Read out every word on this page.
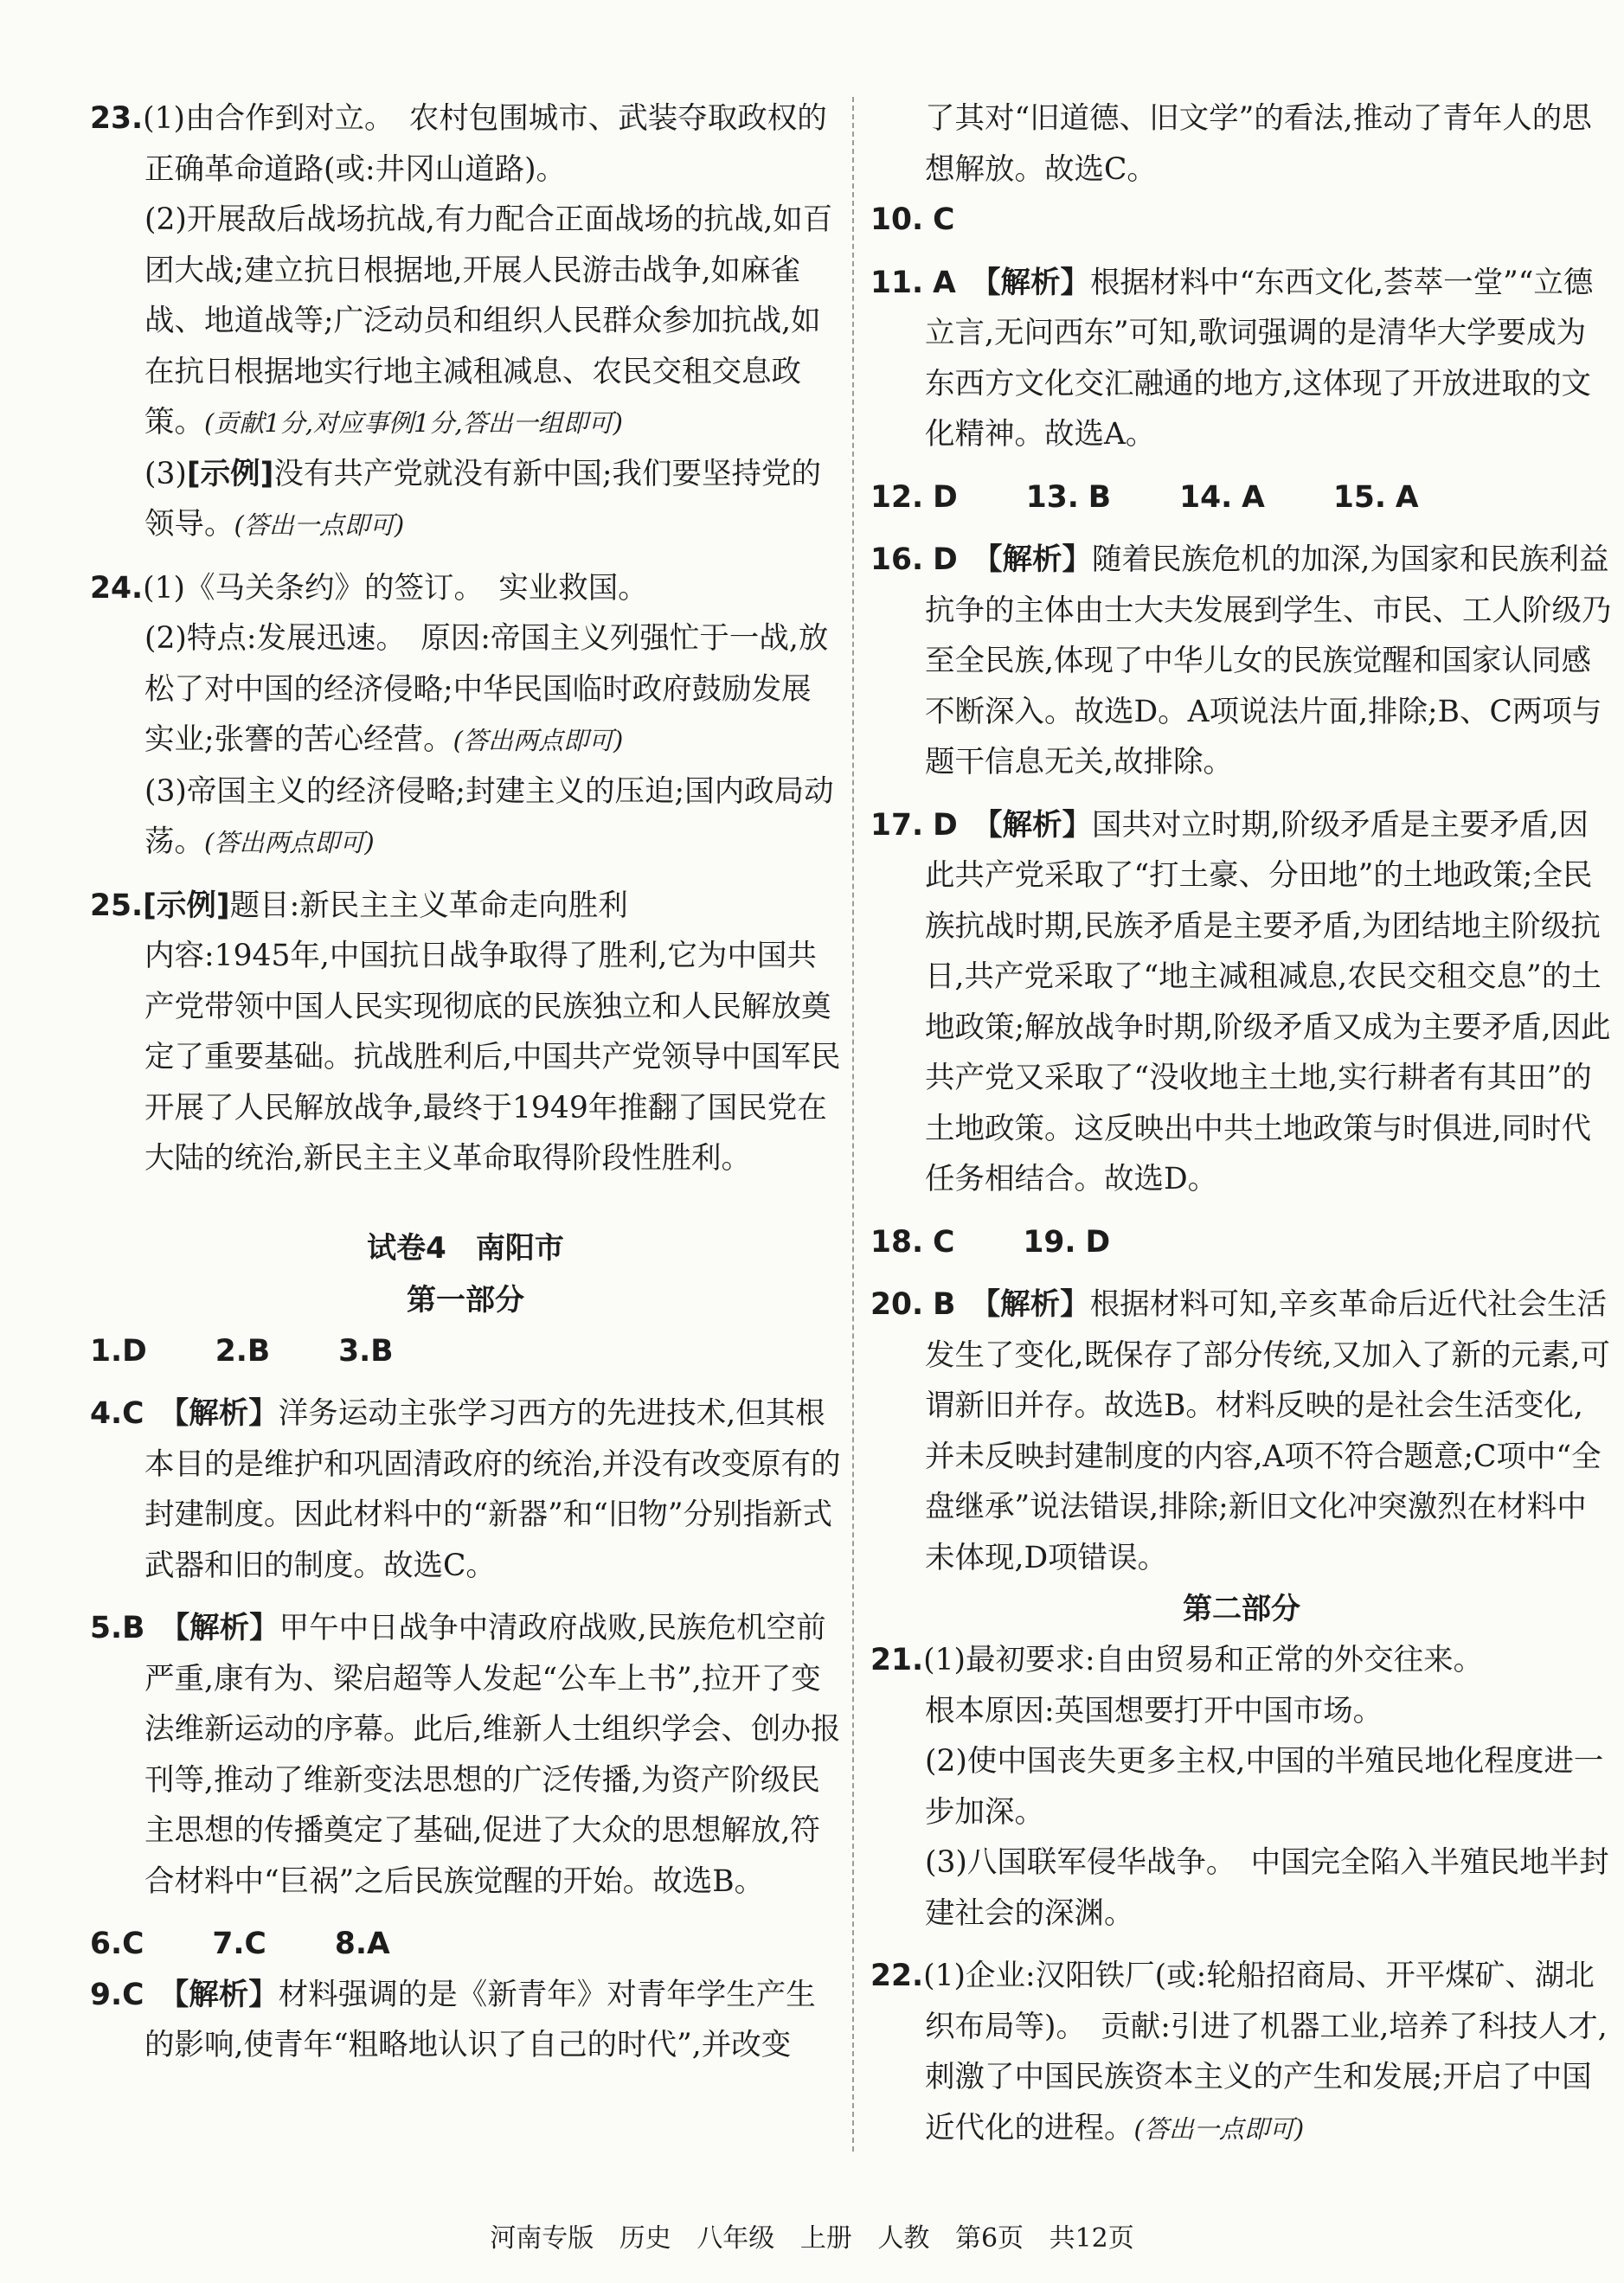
23.(1)由合作到对立。　农村包围城市、武装夺取政权的正确革命道路(或:井冈山道路)。
(2)开展敌后战场抗战,有力配合正面战场的抗战,如百团大战;建立抗日根据地,开展人民游击战争,如麻雀战、地道战等;广泛动员和组织人民群众参加抗战,如在抗日根据地实行地主减租减息、农民交租交息政策。(贡献1分,对应事例1分,答出一组即可)
(3)[示例]没有共产党就没有新中国;我们要坚持党的领导。(答出一点即可)
24.(1)《马关条约》的签订。　实业救国。
(2)特点:发展迅速。　原因:帝国主义列强忙于一战,放松了对中国的经济侵略;中华民国临时政府鼓励发展实业;张謇的苦心经营。(答出两点即可)
(3)帝国主义的经济侵略;封建主义的压迫;国内政局动荡。(答出两点即可)
25.[示例]题目:新民主主义革命走向胜利
内容:1945年,中国抗日战争取得了胜利,它为中国共产党带领中国人民实现彻底的民族独立和人民解放奠定了重要基础。抗战胜利后,中国共产党领导中国军民开展了人民解放战争,最终于1949年推翻了国民党在大陆的统治,新民主主义革命取得阶段性胜利。
试卷4　南阳市
第一部分
1.D 2.B 3.B
4.C　 【解析】洋务运动主张学习西方的先进技术,但其根本目的是维护和巩固清政府的统治,并没有改变原有的封建制度。因此材料中的“新器”和“旧物”分别指新式武器和旧的制度。故选C。
5.B　 【解析】甲午中日战争中清政府战败,民族危机空前严重,康有为、梁启超等人发起“公车上书”,拉开了变法维新运动的序幕。此后,维新人士组织学会、创办报刊等,推动了维新变法思想的广泛传播,为资产阶级民主思想的传播奠定了基础,促进了大众的思想解放,符合材料中“巨祸”之后民族觉醒的开始。故选B。
6.C 7.C 8.A
9.C　 【解析】材料强调的是《新青年》对青年学生产生的影响,使青年“粗略地认识了自己的时代”,并改变
了其对“旧道德、旧文学”的看法,推动了青年人的思想解放。故选C。
10. C
11. A　 【解析】根据材料中“东西文化,荟萃一堂”“立德立言,无问西东”可知,歌词强调的是清华大学要成为东西方文化交汇融通的地方,这体现了开放进取的文化精神。故选A。
12. D 13. B 14. A 15. A
16. D　 【解析】随着民族危机的加深,为国家和民族利益抗争的主体由士大夫发展到学生、市民、工人阶级乃至全民族,体现了中华儿女的民族觉醒和国家认同感不断深入。故选D。A项说法片面,排除;B、C两项与题干信息无关,故排除。
17. D　 【解析】国共对立时期,阶级矛盾是主要矛盾,因此共产党采取了“打土豪、分田地”的土地政策;全民族抗战时期,民族矛盾是主要矛盾,为团结地主阶级抗日,共产党采取了“地主减租减息,农民交租交息”的土地政策;解放战争时期,阶级矛盾又成为主要矛盾,因此共产党又采取了“没收地主土地,实行耕者有其田”的土地政策。这反映出中共土地政策与时俱进,同时代任务相结合。故选D。
18. C 19. D
20. B　 【解析】根据材料可知,辛亥革命后近代社会生活发生了变化,既保存了部分传统,又加入了新的元素,可谓新旧并存。故选B。材料反映的是社会生活变化,并未反映封建制度的内容,A项不符合题意;C项中“全盘继承”说法错误,排除;新旧文化冲突激烈在材料中未体现,D项错误。
第二部分
21.(1)最初要求:自由贸易和正常的外交往来。
根本原因:英国想要打开中国市场。
(2)使中国丧失更多主权,中国的半殖民地化程度进一步加深。
(3)八国联军侵华战争。　中国完全陷入半殖民地半封建社会的深渊。
22.(1)企业:汉阳铁厂(或:轮船招商局、开平煤矿、湖北织布局等)。　贡献:引进了机器工业,培养了科技人才,刺激了中国民族资本主义的产生和发展;开启了中国近代化的进程。(答出一点即可)
河南专版 历史 八年级 上册 人教 第6页 共12页
